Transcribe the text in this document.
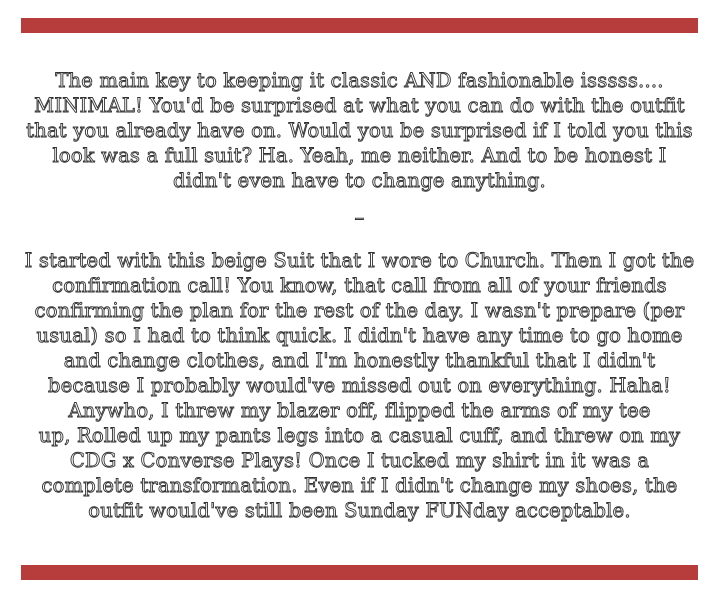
The main key to keeping it classic AND fashionable isssss....
MINIMAL! You'd be surprised at what you can do with the outfit
that you already have on. Would you be surprised if I told you this
look was a full suit? Ha. Yeah, me neither. And to be honest I
didn't even have to change anything.
–
I started with this beige Suit that I wore to Church. Then I got the
confirmation call! You know, that call from all of your friends
confirming the plan for the rest of the day. I wasn't prepare (per
usual) so I had to think quick. I didn't have any time to go home
and change clothes, and I'm honestly thankful that I didn't
because I probably would've missed out on everything. Haha!
Anywho, I threw my blazer off, flipped the arms of my tee
up, Rolled up my pants legs into a casual cuff, and threw on my
CDG x Converse Plays! Once I tucked my shirt in it was a
complete transformation. Even if I didn't change my shoes, the
outfit would've still been Sunday FUNday acceptable.
